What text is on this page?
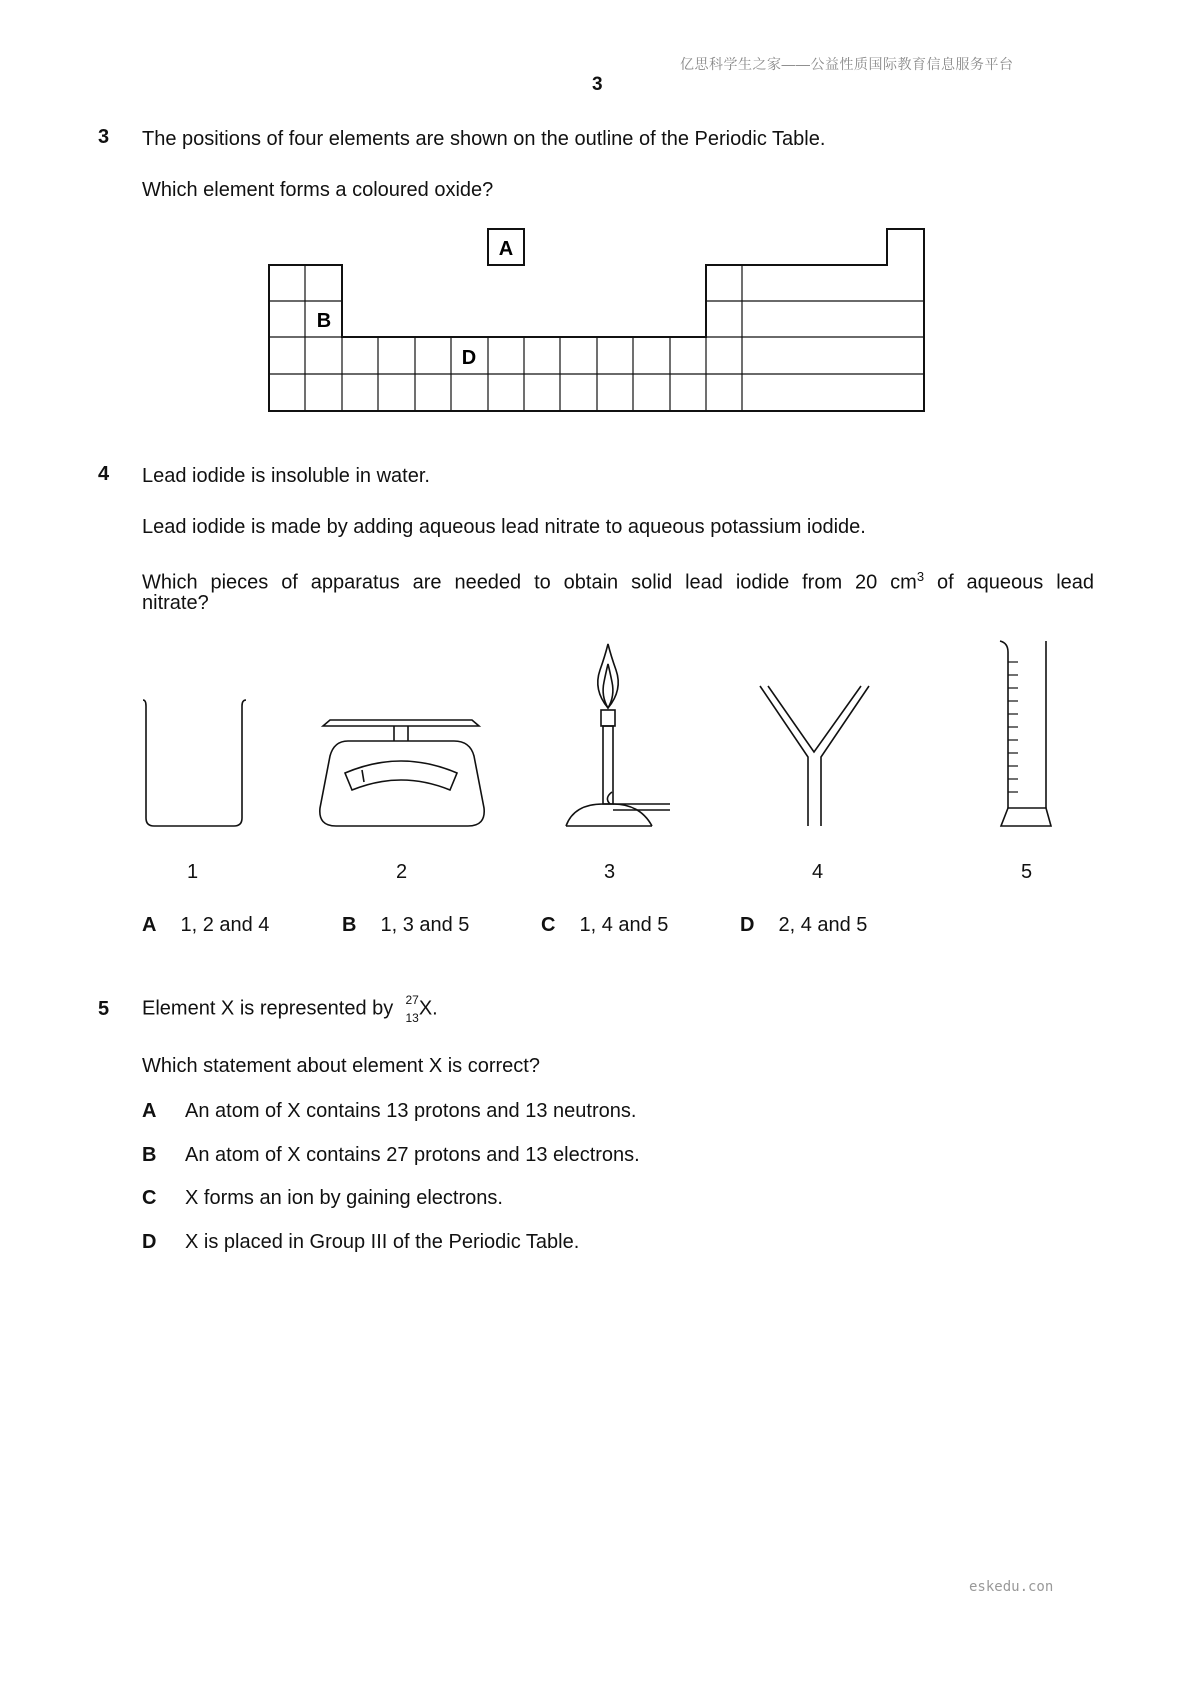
亿思科学生之家——公益性质国际教育信息服务平台
3
3 The positions of four elements are shown on the outline of the Periodic Table.
Which element forms a coloured oxide?
A
B
D
4 Lead iodide is insoluble in water.
Lead iodide is made by adding aqueous lead nitrate to aqueous potassium iodide.
Which pieces of apparatus are needed to obtain solid lead iodide from 20 $cm^3$ of aqueous lead
nitrate?
1	2	3	4	5
A 1, 2 and 4	B 1, 3 and 5	C 1, 4 and 5	D 2, 4 and 5
5 Element X is represented by 27
13 X.
Which statement about element X is correct?
A An atom of X contains 13 protons and 13 neutrons.
B An atom of X contains 27 protons and 13 electrons.
C X forms an ion by gaining electrons.
D X is placed in Group III of the Periodic Table.
eskedu.con
